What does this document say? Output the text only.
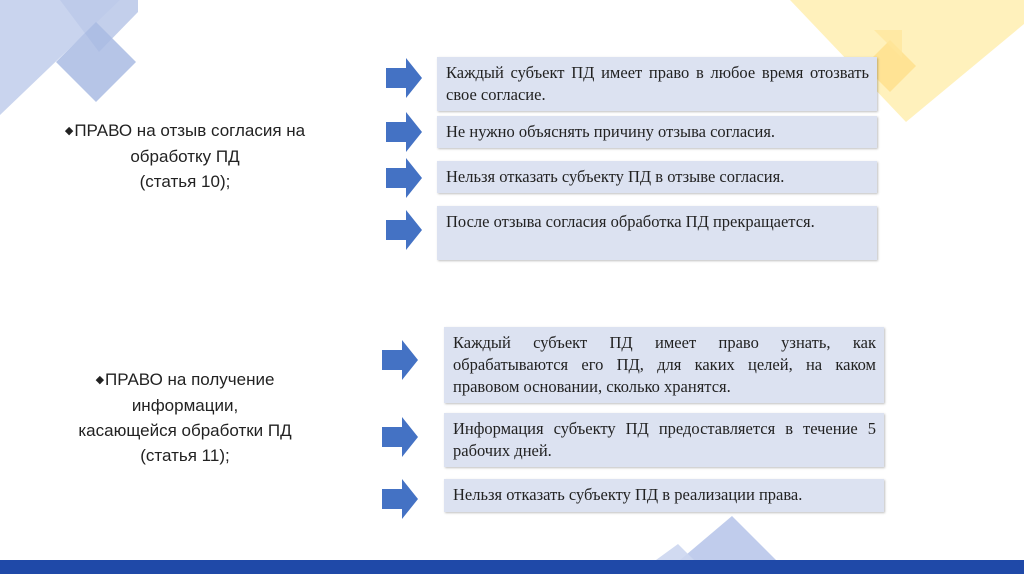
◆ПРАВО на отзыв согласия на
обработку ПД
(статья 10);
Каждый субъект ПД имеет право в любое время отозвать свое согласие.
Не нужно объяснять причину отзыва согласия.
Нельзя отказать субъекту ПД в отзыве согласия.
После отзыва согласия обработка ПД прекращается.
◆ПРАВО на получение
информации,
касающейся обработки ПД
(статья 11);
Каждый субъект ПД имеет право узнать, как обрабатываются его ПД, для каких целей, на каком правовом основании, сколько хранятся.
Информация субъекту ПД предоставляется в течение 5 рабочих дней.
Нельзя отказать субъекту ПД в реализации права.
